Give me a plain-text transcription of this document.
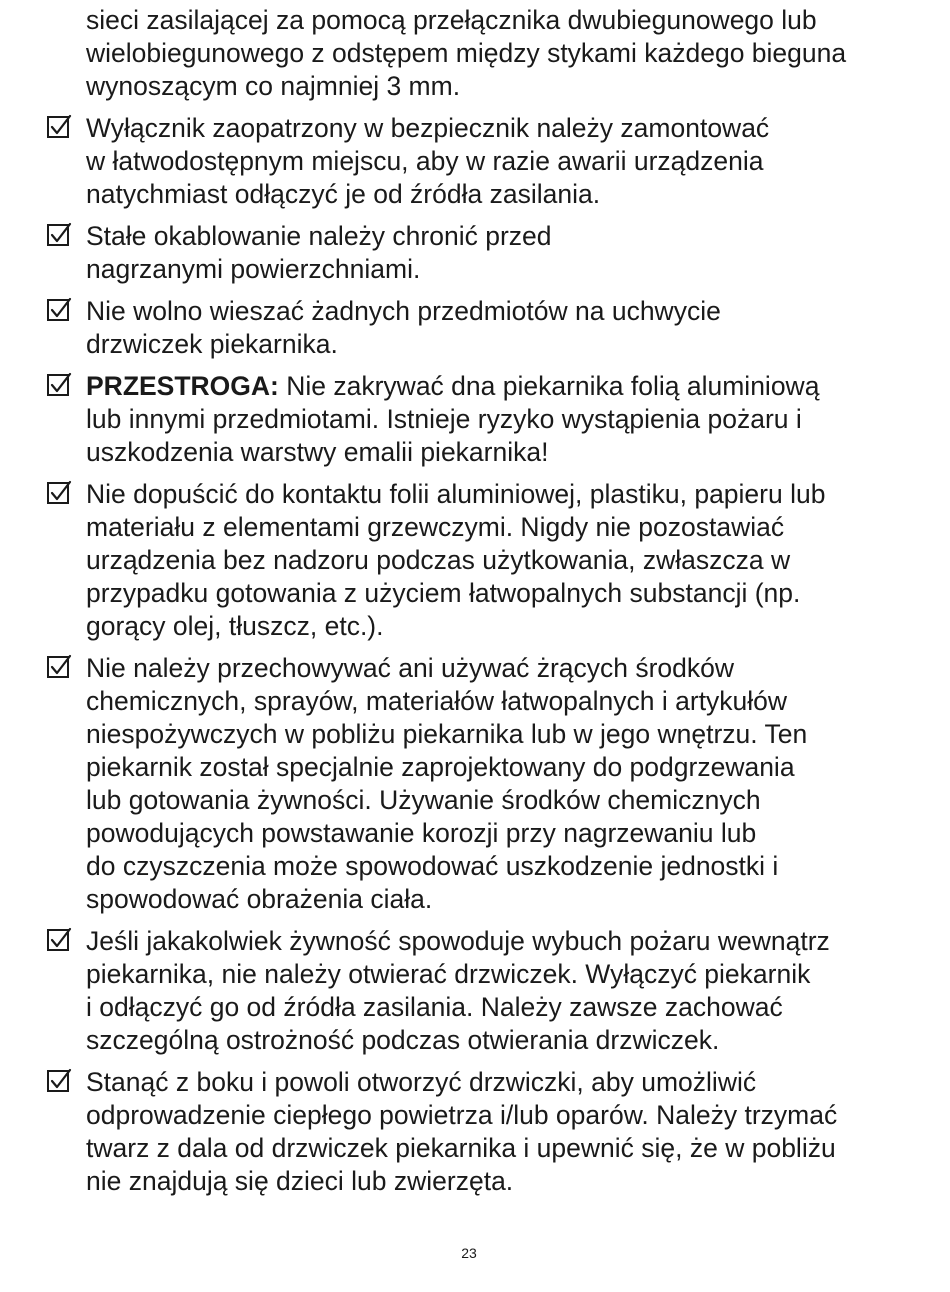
sieci zasilającej za pomocą przełącznika dwubiegunowego lub
wielobiegunowego z odstępem między stykami każdego bieguna
wynoszącym co najmniej 3 mm.
Wyłącznik zaopatrzony w bezpiecznik należy zamontować
w łatwodostępnym miejscu, aby w razie awarii urządzenia
natychmiast odłączyć je od źródła zasilania.
Stałe okablowanie należy chronić przed
nagrzanymi powierzchniami.
Nie wolno wieszać żadnych przedmiotów na uchwycie
drzwiczek piekarnika.
PRZESTROGA: Nie zakrywać dna piekarnika folią aluminiową
lub innymi przedmiotami. Istnieje ryzyko wystąpienia pożaru i
uszkodzenia warstwy emalii piekarnika!
Nie dopuścić do kontaktu folii aluminiowej, plastiku, papieru lub
materiału z elementami grzewczymi. Nigdy nie pozostawiać
urządzenia bez nadzoru podczas użytkowania, zwłaszcza w
przypadku gotowania z użyciem łatwopalnych substancji (np.
gorący olej, tłuszcz, etc.).
Nie należy przechowywać ani używać żrących środków
chemicznych, sprayów, materiałów łatwopalnych i artykułów
niespożywczych w pobliżu piekarnika lub w jego wnętrzu. Ten
piekarnik został specjalnie zaprojektowany do podgrzewania
lub gotowania żywności. Używanie środków chemicznych
powodujących powstawanie korozji przy nagrzewaniu lub
do czyszczenia może spowodować uszkodzenie jednostki i
spowodować obrażenia ciała.
Jeśli jakakolwiek żywność spowoduje wybuch pożaru wewnątrz
piekarnika, nie należy otwierać drzwiczek. Wyłączyć piekarnik
i odłączyć go od źródła zasilania. Należy zawsze zachować
szczególną ostrożność podczas otwierania drzwiczek.
Stanąć z boku i powoli otworzyć drzwiczki, aby umożliwić
odprowadzenie ciepłego powietrza i/lub oparów. Należy trzymać
twarz z dala od drzwiczek piekarnika i upewnić się, że w pobliżu
nie znajdują się dzieci lub zwierzęta.
23
